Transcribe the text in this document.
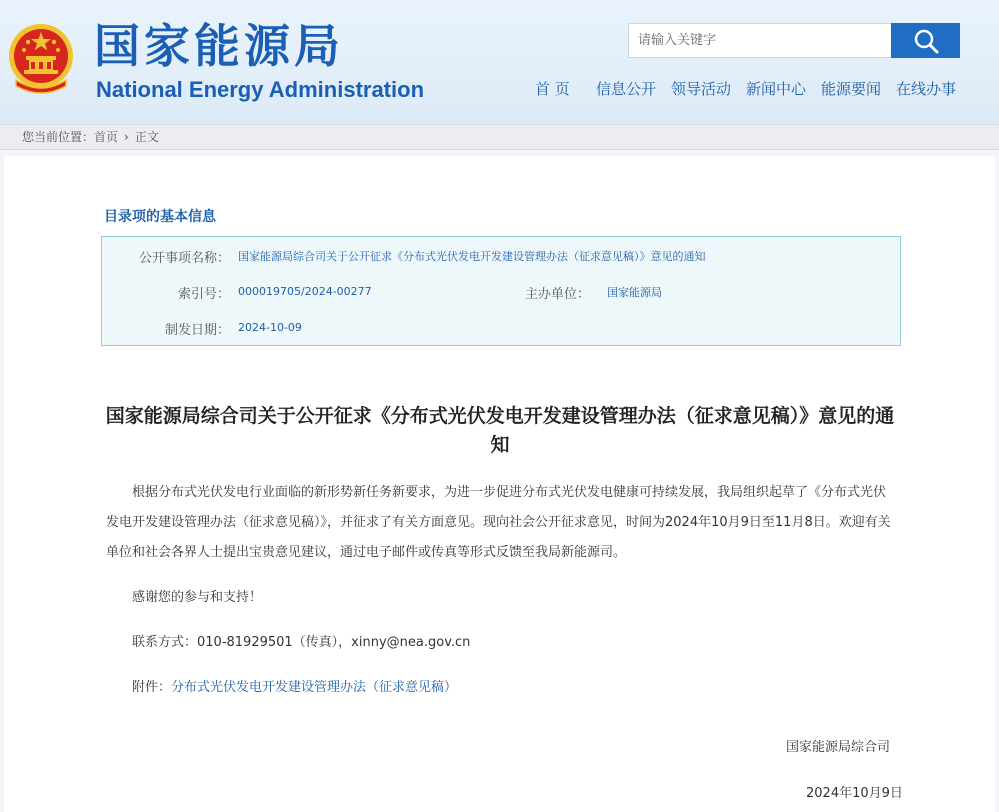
国家能源局
National Energy Administration
请输入关键字	首 页 信息公开 领导活动 新闻中心 能源要闻 在线办事
您当前位置：首页 › 正文
目录项的基本信息
公开事项名称： 国家能源局综合司关于公开征求《分布式光伏发电开发建设管理办法（征求意见稿）》意见的通知
索引号： 000019705/2024-00277	主办单位： 国家能源局
制发日期： 2024-10-09
国家能源局综合司关于公开征求《分布式光伏发电开发建设管理办法（征求意见稿）》意见的通知
根据分布式光伏发电行业面临的新形势新任务新要求，为进一步促进分布式光伏发电健康可持续发展，我局组织起草了《分布式光伏发电开发建设管理办法（征求意见稿）》，并征求了有关方面意见。现向社会公开征求意见，时间为2024年10月9日至11月8日。欢迎有关单位和社会各界人士提出宝贵意见建议，通过电子邮件或传真等形式反馈至我局新能源司。
感谢您的参与和支持！
联系方式：010-81929501（传真），xinny@nea.gov.cn
附件：分布式光伏发电开发建设管理办法（征求意见稿）
国家能源局综合司
2024年10月9日
